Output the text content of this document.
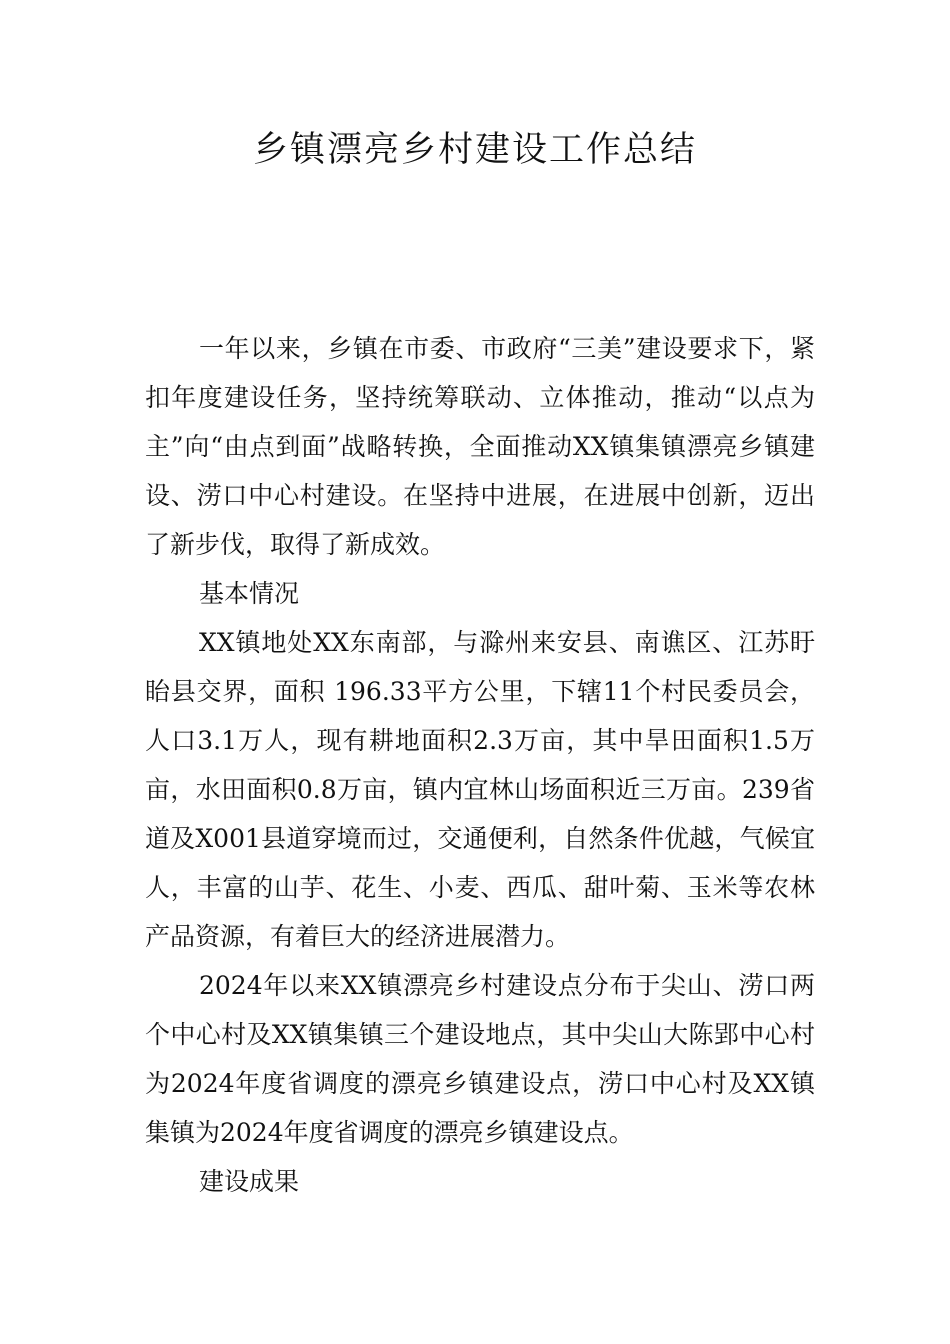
乡镇漂亮乡村建设工作总结

一年以来，乡镇在市委、市政府“三美”建设要求下，紧扣年度建设任务，坚持统筹联动、立体推动，推动“以点为主”向“由点到面”战略转换，全面推动XX镇集镇漂亮乡镇建设、涝口中心村建设。在坚持中进展，在进展中创新，迈出了新步伐，取得了新成效。

基本情况

XX镇地处XX东南部，与滁州来安县、南谯区、江苏盱眙县交界，面积 196.33平方公里，下辖11个村民委员会，人口3.1万人，现有耕地面积2.3万亩，其中旱田面积1.5万亩，水田面积0.8万亩，镇内宜林山场面积近三万亩。239省道及X001县道穿境而过，交通便利，自然条件优越，气候宜人，丰富的山芋、花生、小麦、西瓜、甜叶菊、玉米等农林产品资源，有着巨大的经济进展潜力。

2024年以来XX镇漂亮乡村建设点分布于尖山、涝口两个中心村及XX镇集镇三个建设地点，其中尖山大陈郢中心村为2024年度省调度的漂亮乡镇建设点，涝口中心村及XX镇集镇为2024年度省调度的漂亮乡镇建设点。

建设成果
